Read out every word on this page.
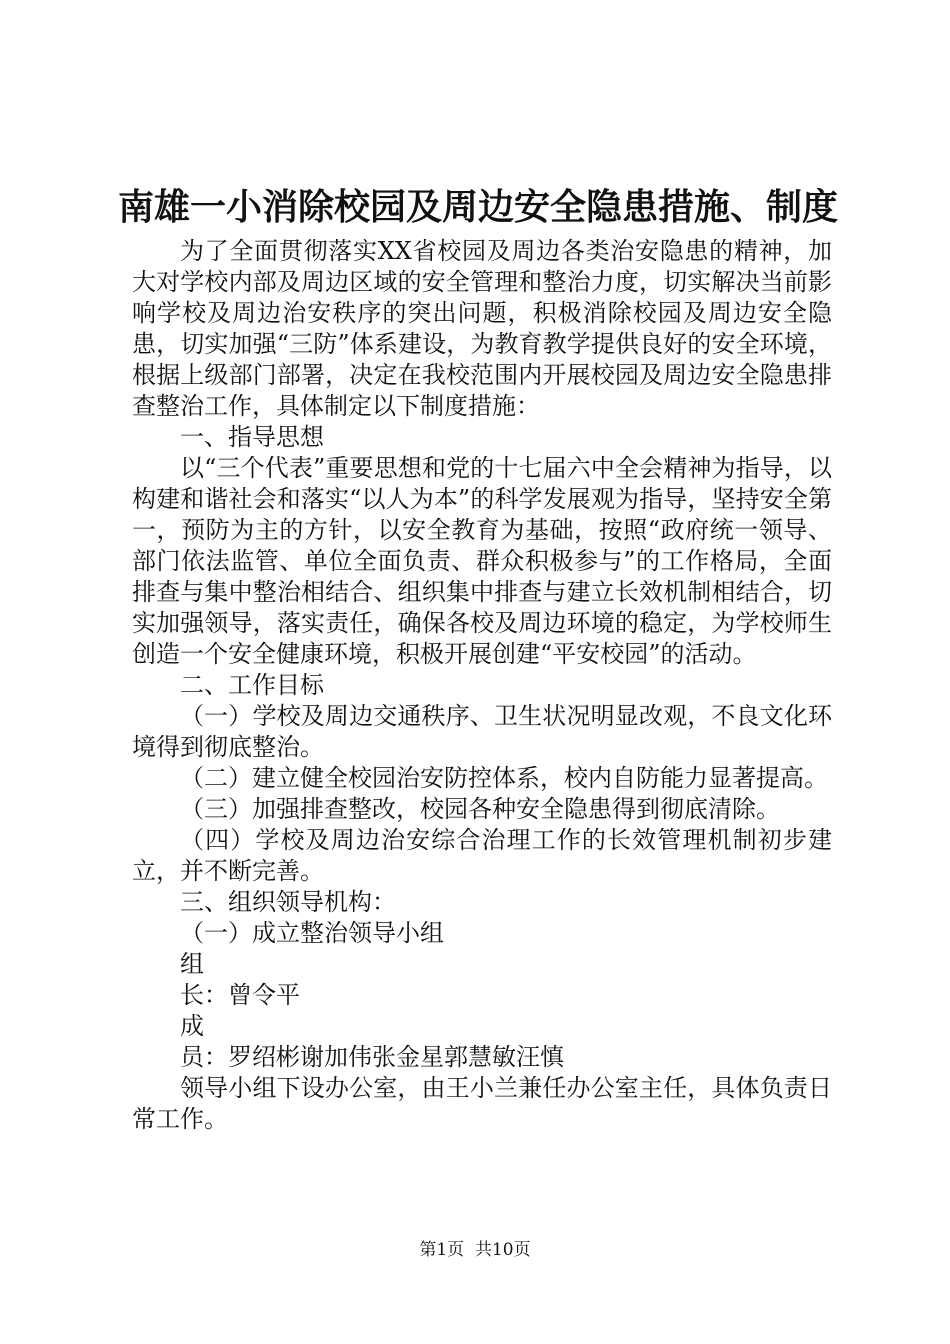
南雄一小消除校园及周边安全隐患措施、制度

为了全面贯彻落实XX省校园及周边各类治安隐患的精神，加大对学校内部及周边区域的安全管理和整治力度，切实解决当前影响学校及周边治安秩序的突出问题，积极消除校园及周边安全隐患，切实加强“三防”体系建设，为教育教学提供良好的安全环境，根据上级部门部署，决定在我校范围内开展校园及周边安全隐患排查整治工作，具体制定以下制度措施：

一、指导思想

以“三个代表”重要思想和党的十七届六中全会精神为指导，以构建和谐社会和落实“以人为本”的科学发展观为指导，坚持安全第一，预防为主的方针，以安全教育为基础，按照“政府统一领导、部门依法监管、单位全面负责、群众积极参与”的工作格局，全面排查与集中整治相结合、组织集中排查与建立长效机制相结合，切实加强领导，落实责任，确保各校及周边环境的稳定，为学校师生创造一个安全健康环境，积极开展创建“平安校园”的活动。

二、工作目标

（一）学校及周边交通秩序、卫生状况明显改观，不良文化环境得到彻底整治。

（二）建立健全校园治安防控体系，校内自防能力显著提高。

（三）加强排查整改，校园各种安全隐患得到彻底清除。

（四）学校及周边治安综合治理工作的长效管理机制初步建立，并不断完善。

三、组织领导机构：

（一）成立整治领导小组

组

长：曾令平

成

员：罗绍彬谢加伟张金星郭慧敏汪慎

领导小组下设办公室，由王小兰兼任办公室主任，具体负责日常工作。

第1页  共10页
